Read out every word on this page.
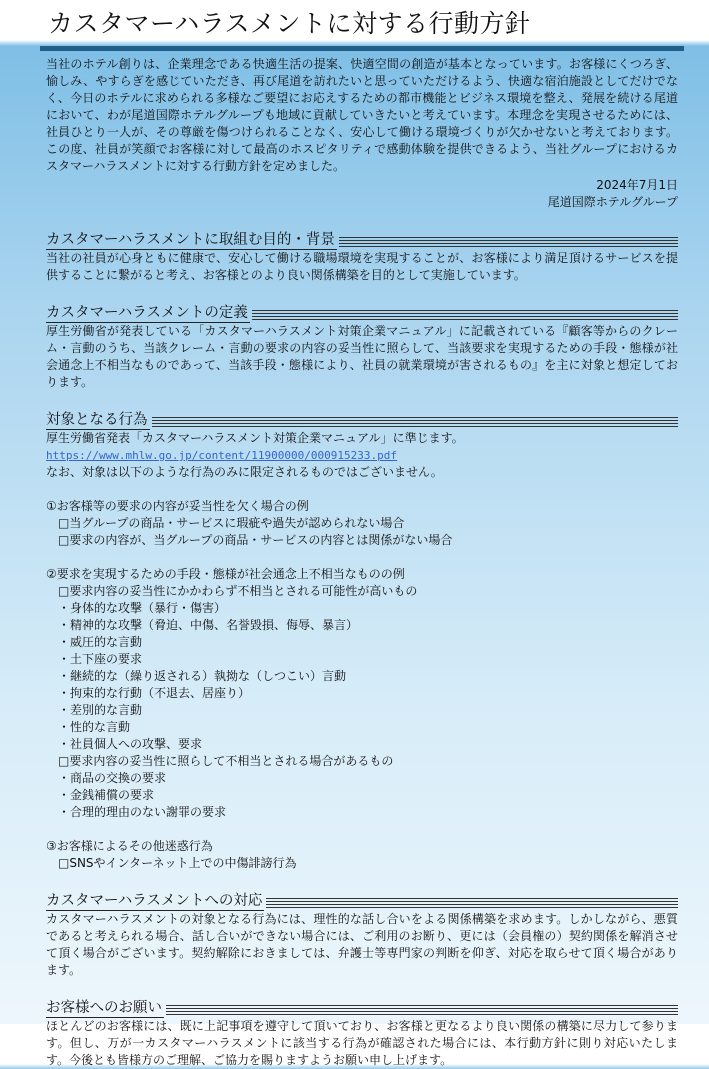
カスタマーハラスメントに対する行動方針

当社のホテル創りは、企業理念である快適生活の提案、快適空間の創造が基本となっています。お客様にくつろぎ、愉しみ、やすらぎを感じていただき、再び尾道を訪れたいと思っていただけるよう、快適な宿泊施設としてだけでなく、今日のホテルに求められる多様なご要望にお応えするための都市機能とビジネス環境を整え、発展を続ける尾道において、わが尾道国際ホテルグループも地域に貢献していきたいと考えています。本理念を実現させるためには、社員ひとり一人が、その尊厳を傷つけられることなく、安心して働ける環境づくりが欠かせないと考えております。この度、社員が笑顔でお客様に対して最高のホスピタリティで感動体験を提供できるよう、当社グループにおけるカスタマーハラスメントに対する行動方針を定めました。

2024年7月1日
尾道国際ホテルグループ
カスタマーハラスメントに取組む目的・背景

当社の社員が心身ともに健康で、安心して働ける職場環境を実現することが、お客様により満足頂けるサービスを提供することに繋がると考え、お客様とのより良い関係構築を目的として実施しています。

カスタマーハラスメントの定義

厚生労働省が発表している「カスタマーハラスメント対策企業マニュアル」に記載されている『顧客等からのクレーム・言動のうち、当該クレーム・言動の要求の内容の妥当性に照らして、当該要求を実現するための手段・態様が社会通念上不相当なものであって、当該手段・態様により、社員の就業環境が害されるもの』を主に対象と想定しております。

対象となる行為

厚生労働省発表「カスタマーハラスメント対策企業マニュアル」に準じます。

https://www.mhlw.go.jp/content/11900000/000915233.pdf

なお、対象は以下のような行為のみに限定されるものではございません。

①お客様等の要求の内容が妥当性を欠く場合の例

□当グループの商品・サービスに瑕疵や過失が認められない場合

□要求の内容が、当グループの商品・サービスの内容とは関係がない場合

②要求を実現するための手段・態様が社会通念上不相当なものの例

□要求内容の妥当性にかかわらず不相当とされる可能性が高いもの

・身体的な攻撃（暴行・傷害）

・精神的な攻撃（脅迫、中傷、名誉毀損、侮辱、暴言）

・威圧的な言動

・土下座の要求

・継続的な（繰り返される）執拗な（しつこい）言動

・拘束的な行動（不退去、居座り）

・差別的な言動

・性的な言動

・社員個人への攻撃、要求

□要求内容の妥当性に照らして不相当とされる場合があるもの

・商品の交換の要求

・金銭補償の要求

・合理的理由のない謝罪の要求

③お客様によるその他迷惑行為

□SNSやインターネット上での中傷誹謗行為

カスタマーハラスメントへの対応

カスタマーハラスメントの対象となる行為には、理性的な話し合いをよる関係構築を求めます。しかしながら、悪質であると考えられる場合、話し合いができない場合には、ご利用のお断り、更には（会員権の）契約関係を解消させて頂く場合がございます。契約解除におきましては、弁護士等専門家の判断を仰ぎ、対応を取らせて頂く場合があります。

お客様へのお願い

ほとんどのお客様には、既に上記事項を遵守して頂いており、お客様と更なるより良い関係の構築に尽力して参ります。但し、万が一カスタマーハラスメントに該当する行為が確認された場合には、本行動方針に則り対応いたします。今後とも皆様方のご理解、ご協力を賜りますようお願い申し上げます。
